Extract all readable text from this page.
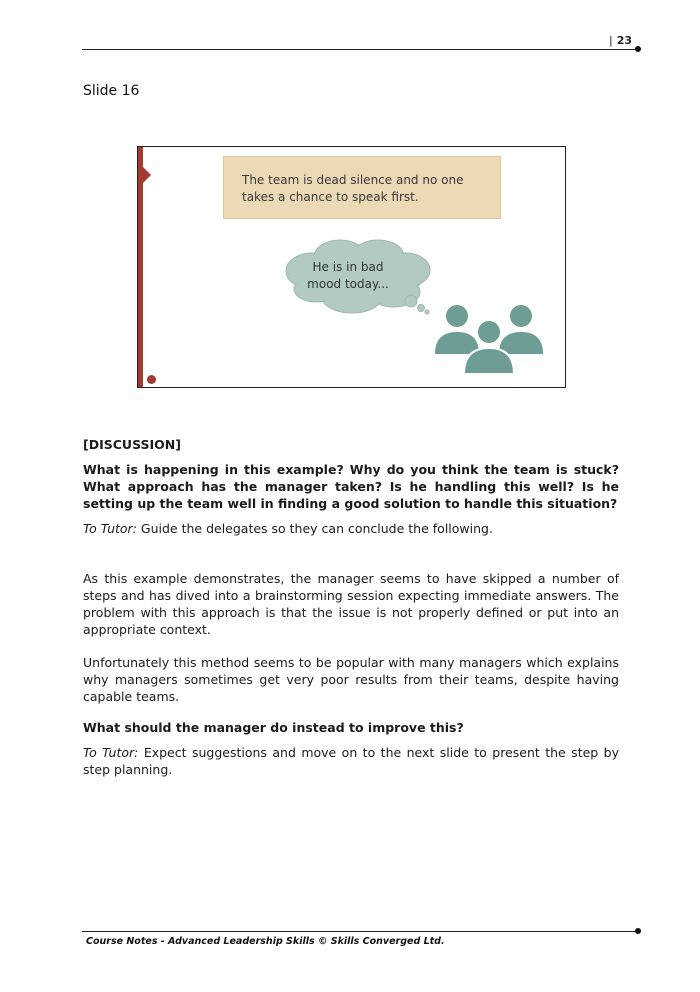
| 23
Slide 16
The team is dead silence and no one
takes a chance to speak first.
He is in bad
mood today...
[DISCUSSION]
What is happening in this example? Why do you think the team is stuck? What approach has the manager taken? Is he handling this well? Is he setting up the team well in finding a good solution to handle this situation?
To Tutor: Guide the delegates so they can conclude the following.
As this example demonstrates, the manager seems to have skipped a number of steps and has dived into a brainstorming session expecting immediate answers. The problem with this approach is that the issue is not properly defined or put into an appropriate context.
Unfortunately this method seems to be popular with many managers which explains why managers sometimes get very poor results from their teams, despite having capable teams.
What should the manager do instead to improve this?
To Tutor: Expect suggestions and move on to the next slide to present the step by step planning.
Course Notes - Advanced Leadership Skills © Skills Converged Ltd.
